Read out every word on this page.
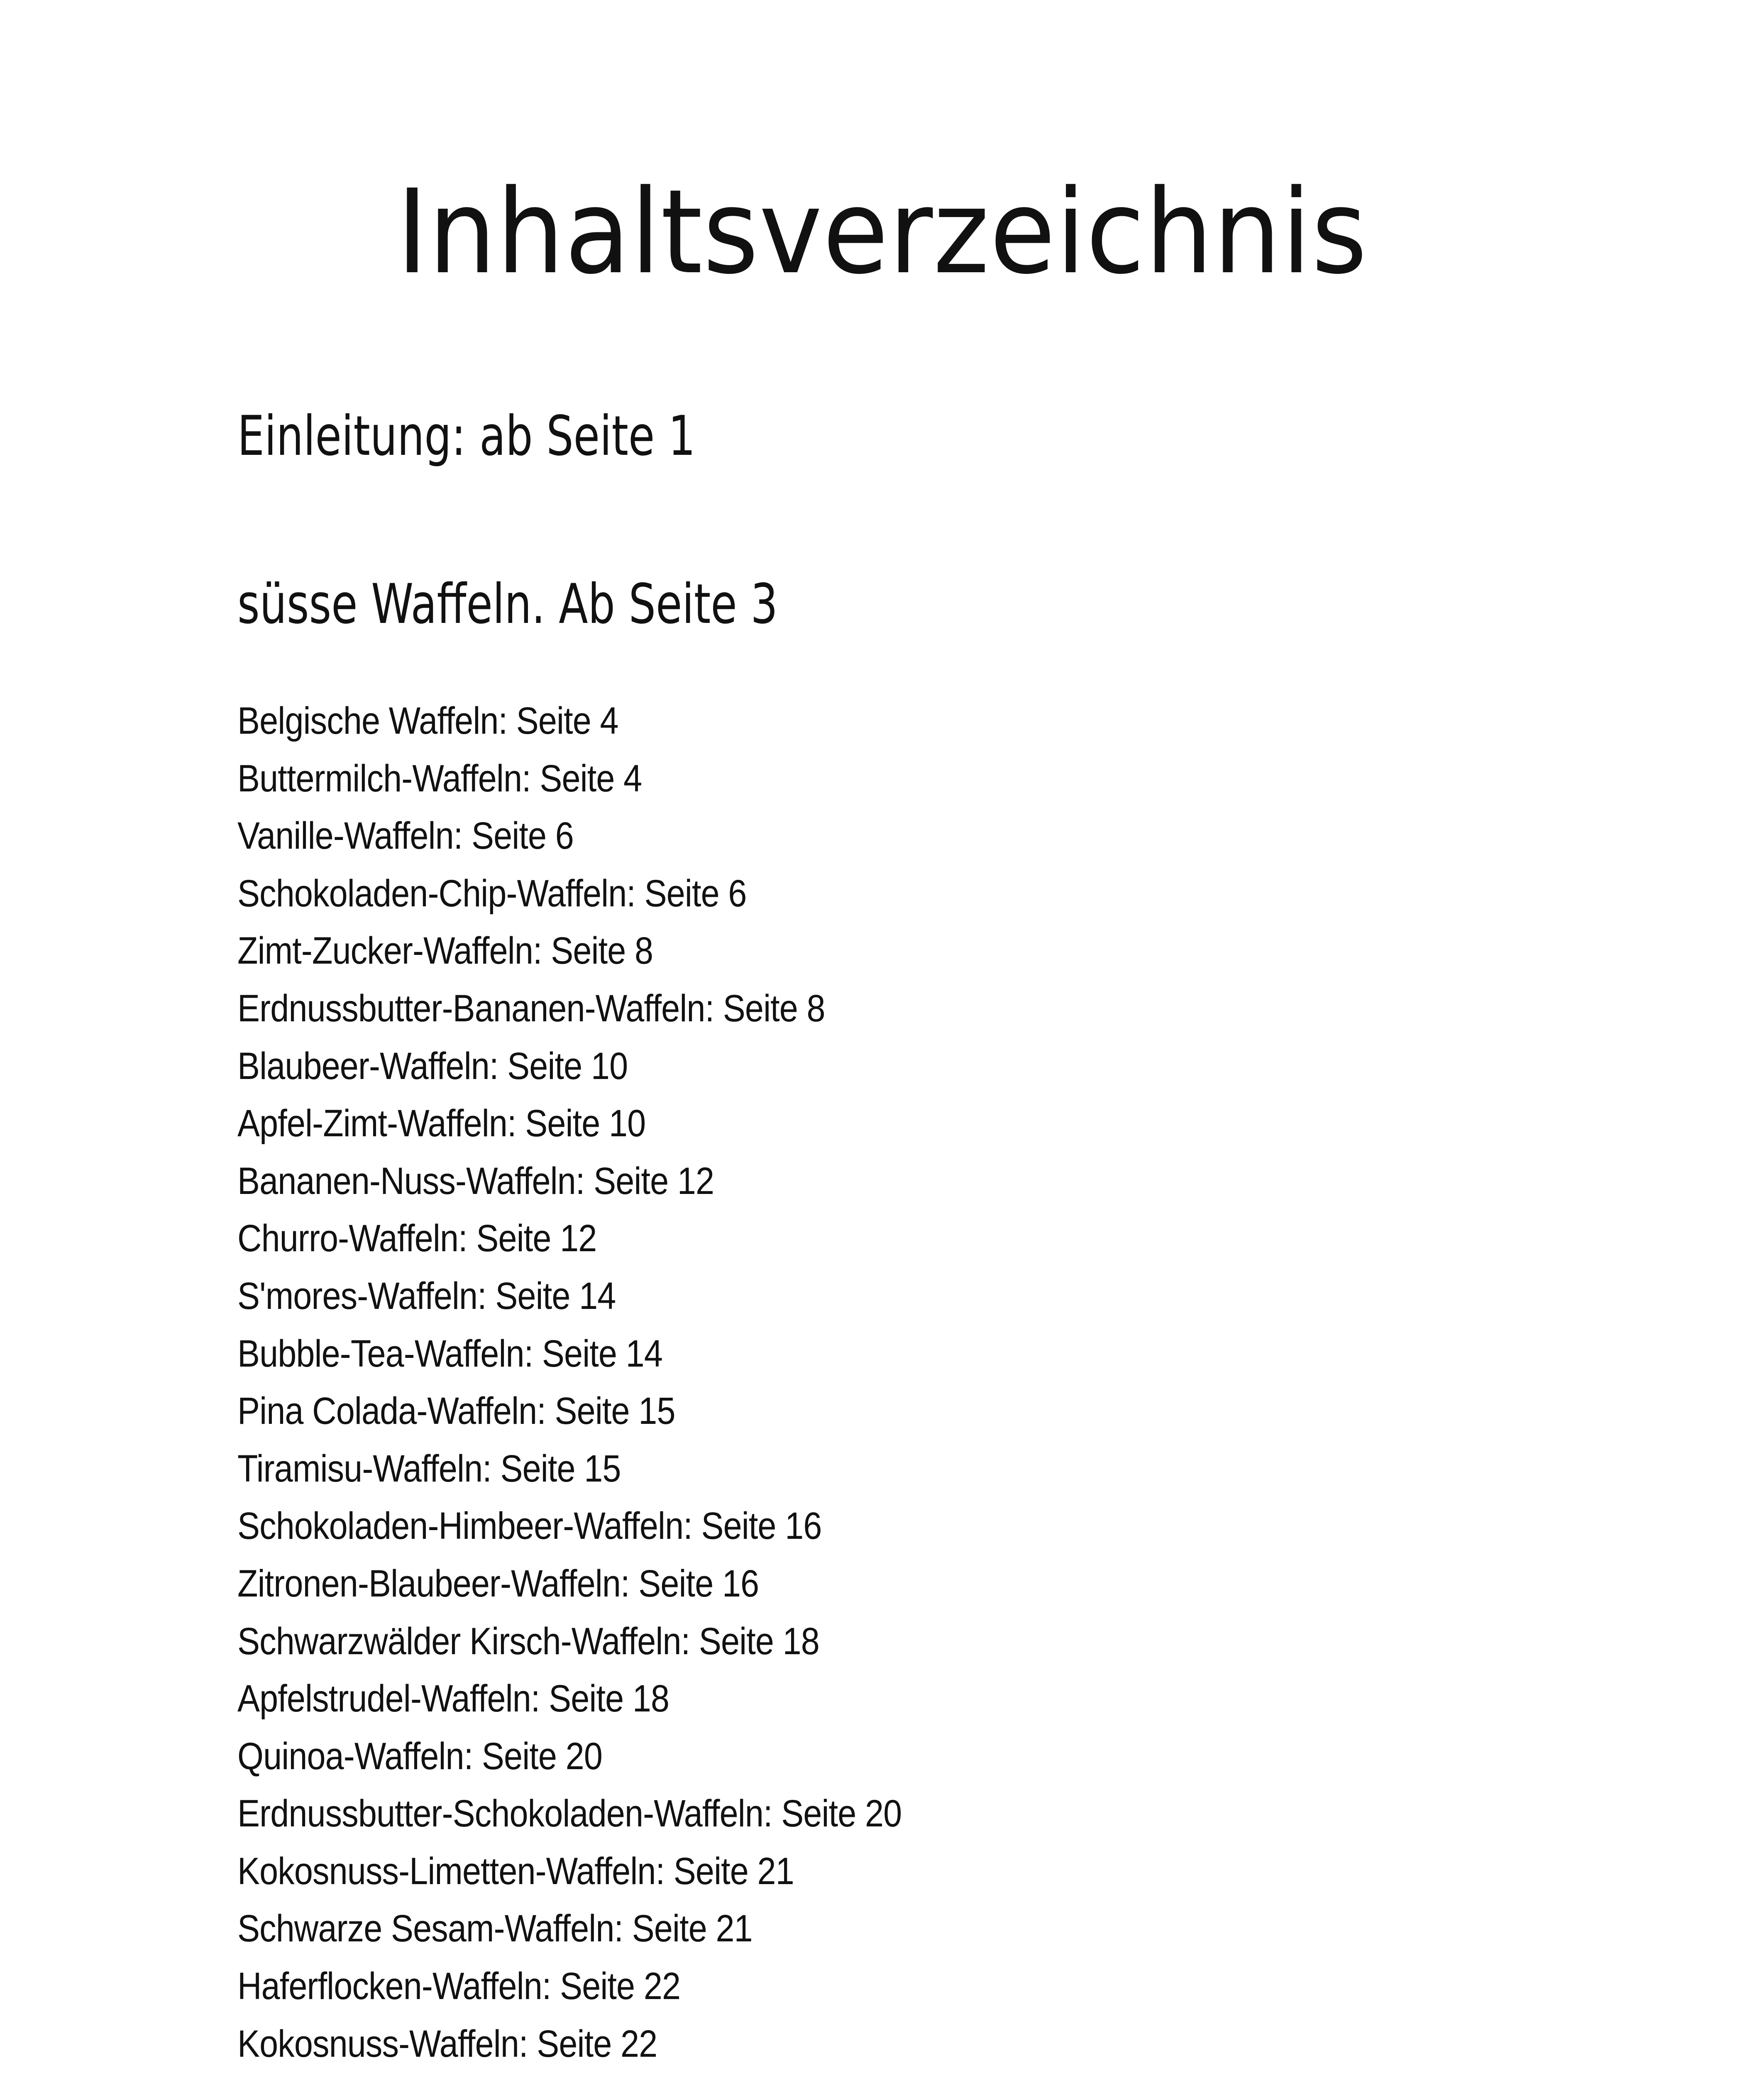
Inhaltsverzeichnis
Einleitung: ab Seite 1
süsse Waffeln. Ab Seite 3
Belgische Waffeln: Seite 4
Buttermilch-Waffeln: Seite 4
Vanille-Waffeln: Seite 6
Schokoladen-Chip-Waffeln: Seite 6
Zimt-Zucker-Waffeln: Seite 8
Erdnussbutter-Bananen-Waffeln: Seite 8
Blaubeer-Waffeln: Seite 10
Apfel-Zimt-Waffeln: Seite 10
Bananen-Nuss-Waffeln: Seite 12
Churro-Waffeln: Seite 12
S'mores-Waffeln: Seite 14
Bubble-Tea-Waffeln: Seite 14
Pina Colada-Waffeln: Seite 15
Tiramisu-Waffeln: Seite 15
Schokoladen-Himbeer-Waffeln: Seite 16
Zitronen-Blaubeer-Waffeln: Seite 16
Schwarzwälder Kirsch-Waffeln: Seite 18
Apfelstrudel-Waffeln: Seite 18
Quinoa-Waffeln: Seite 20
Erdnussbutter-Schokoladen-Waffeln: Seite 20
Kokosnuss-Limetten-Waffeln: Seite 21
Schwarze Sesam-Waffeln: Seite 21
Haferflocken-Waffeln: Seite 22
Kokosnuss-Waffeln: Seite 22
